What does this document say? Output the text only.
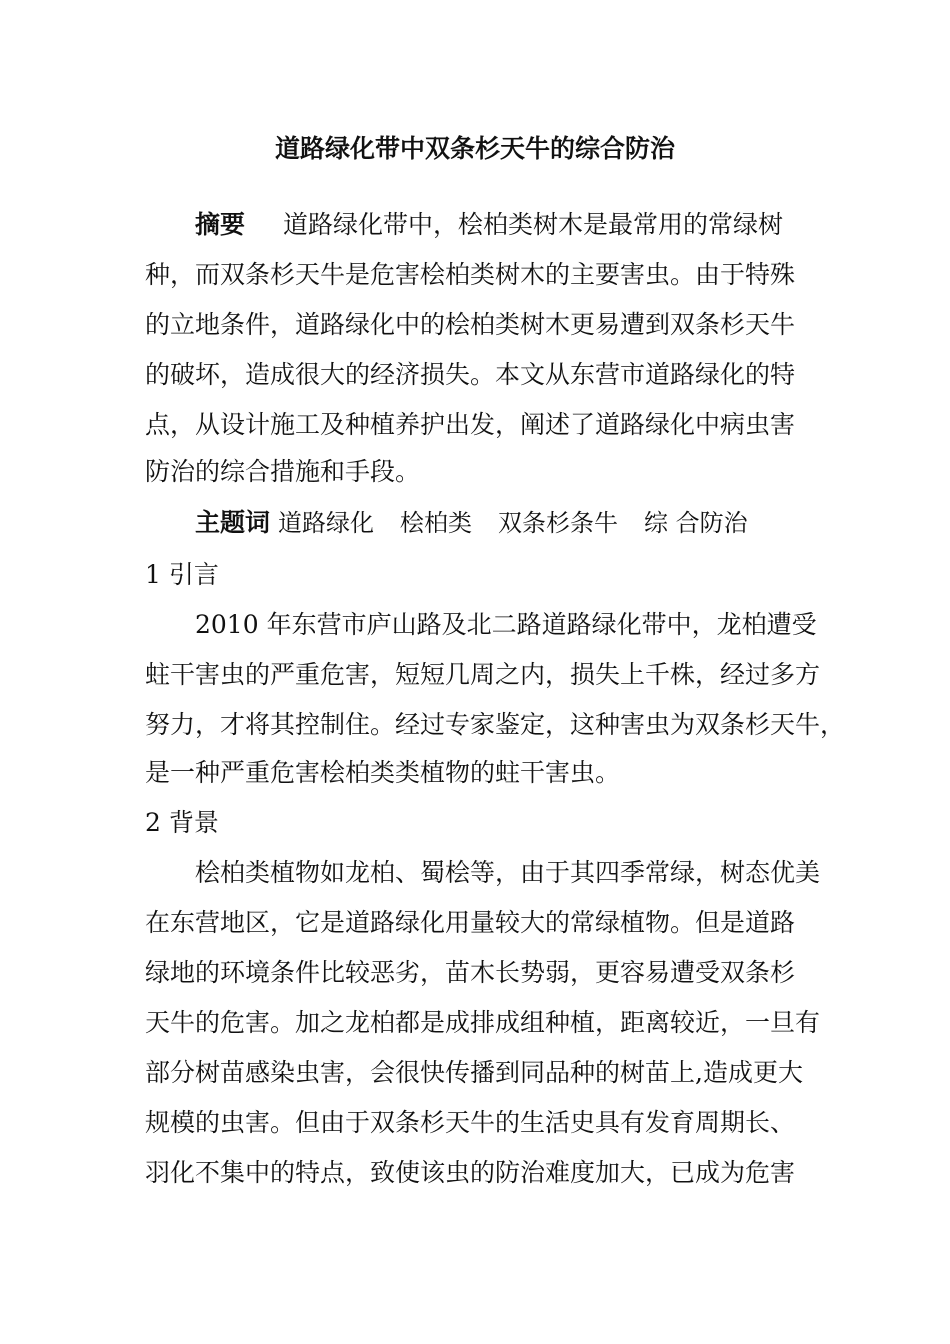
道路绿化带中双条杉天牛的综合防治
摘要 道路绿化带中，桧柏类树木是最常用的常绿树
种，而双条杉天牛是危害桧柏类树木的主要害虫。由于特殊
的立地条件，道路绿化中的桧柏类树木更易遭到双条杉天牛
的破坏，造成很大的经济损失。本文从东营市道路绿化的特
点，从设计施工及种植养护出发，阐述了道路绿化中病虫害
防治的综合措施和手段。
主题词 道路绿化 桧柏类 双条杉条牛 综 合防治
1 引言
2010 年东营市庐山路及北二路道路绿化带中，龙柏遭受
蛀干害虫的严重危害，短短几周之内，损失上千株，经过多方
努力，才将其控制住。经过专家鉴定，这种害虫为双条杉天牛，
是一种严重危害桧柏类类植物的蛀干害虫。
2 背景
桧柏类植物如龙柏、蜀桧等，由于其四季常绿，树态优美
在东营地区，它是道路绿化用量较大的常绿植物。但是道路
绿地的环境条件比较恶劣，苗木长势弱，更容易遭受双条杉
天牛的危害。加之龙柏都是成排成组种植，距离较近，一旦有
部分树苗感染虫害，会很快传播到同品种的树苗上,造成更大
规模的虫害。但由于双条杉天牛的生活史具有发育周期长、
羽化不集中的特点，致使该虫的防治难度加大，已成为危害
